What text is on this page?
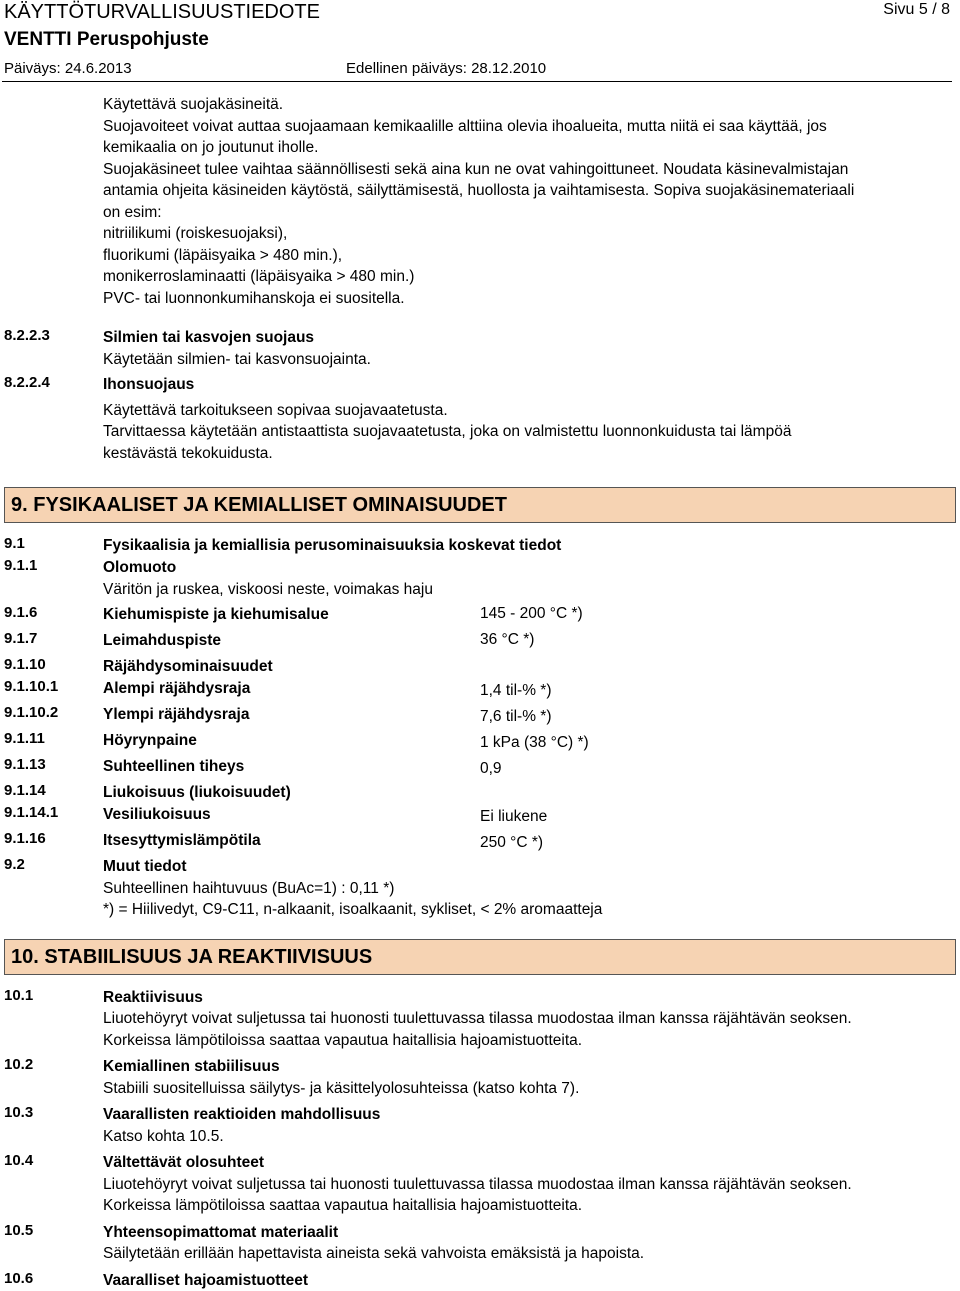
KÄYTTÖTURVALLISUUSTIEDOTE	Sivu 5 / 8
VENTTI Peruspohjuste
Päiväys: 24.6.2013	Edellinen päiväys: 28.12.2010
Käytettävä suojakäsineitä.
Suojavoiteet voivat auttaa suojaamaan kemikaalille alttiina olevia ihoalueita, mutta niitä ei saa käyttää, jos
kemikaalia on jo joutunut iholle.
Suojakäsineet tulee vaihtaa säännöllisesti sekä aina kun ne ovat vahingoittuneet. Noudata käsinevalmistajan
antamia ohjeita käsineiden käytöstä, säilyttämisestä, huollosta ja vaihtamisesta. Sopiva suojakäsinemateriaali
on esim:
nitriilikumi (roiskesuojaksi),
fluorikumi (läpäisyaika > 480 min.),
monikerroslaminaatti (läpäisyaika > 480 min.)
PVC- tai luonnonkumihanskoja ei suositella.
8.2.2.3	Silmien tai kasvojen suojaus
Käytetään silmien- tai kasvonsuojainta.
8.2.2.4	Ihonsuojaus
Käytettävä tarkoitukseen sopivaa suojavaatetusta.
Tarvittaessa käytetään antistaattista suojavaatetusta, joka on valmistettu luonnonkuidusta tai lämpöä
kestävästä tekokuidusta.
9. FYSIKAALISET JA KEMIALLISET OMINAISUUDET
9.1	Fysikaalisia ja kemiallisia perusominaisuuksia koskevat tiedot
9.1.1	Olomuoto
Väritön ja ruskea, viskoosi neste, voimakas haju
9.1.6	Kiehumispiste ja kiehumisalue	145 - 200 °C *)
9.1.7	Leimahduspiste	36 °C *)
9.1.10	Räjähdysominaisuudet
9.1.10.1	Alempi räjähdysraja	1,4 til-% *)
9.1.10.2	Ylempi räjähdysraja	7,6 til-% *)
9.1.11	Höyrynpaine	1 kPa (38 °C) *)
9.1.13	Suhteellinen tiheys	0,9
9.1.14	Liukoisuus (liukoisuudet)
9.1.14.1	Vesiliukoisuus	Ei liukene
9.1.16	Itsesyttymislämpötila	250 °C *)
9.2	Muut tiedot
Suhteellinen haihtuvuus (BuAc=1) : 0,11 *)
*) = Hiilivedyt, C9-C11, n-alkaanit, isoalkaanit, sykliset, < 2% aromaatteja
10. STABIILISUUS JA REAKTIIVISUUS
10.1	Reaktiivisuus
Liuotehöyryt voivat suljetussa tai huonosti tuulettuvassa tilassa muodostaa ilman kanssa räjähtävän seoksen.
Korkeissa lämpötiloissa saattaa vapautua haitallisia hajoamistuotteita.
10.2	Kemiallinen stabiilisuus
Stabiili suositelluissa säilytys- ja käsittelyolosuhteissa (katso kohta 7).
10.3	Vaarallisten reaktioiden mahdollisuus
Katso kohta 10.5.
10.4	Vältettävät olosuhteet
Liuotehöyryt voivat suljetussa tai huonosti tuulettuvassa tilassa muodostaa ilman kanssa räjähtävän seoksen.
Korkeissa lämpötiloissa saattaa vapautua haitallisia hajoamistuotteita.
10.5	Yhteensopimattomat materiaalit
Säilytetään erillään hapettavista aineista sekä vahvoista emäksistä ja hapoista.
10.6	Vaaralliset hajoamistuotteet
